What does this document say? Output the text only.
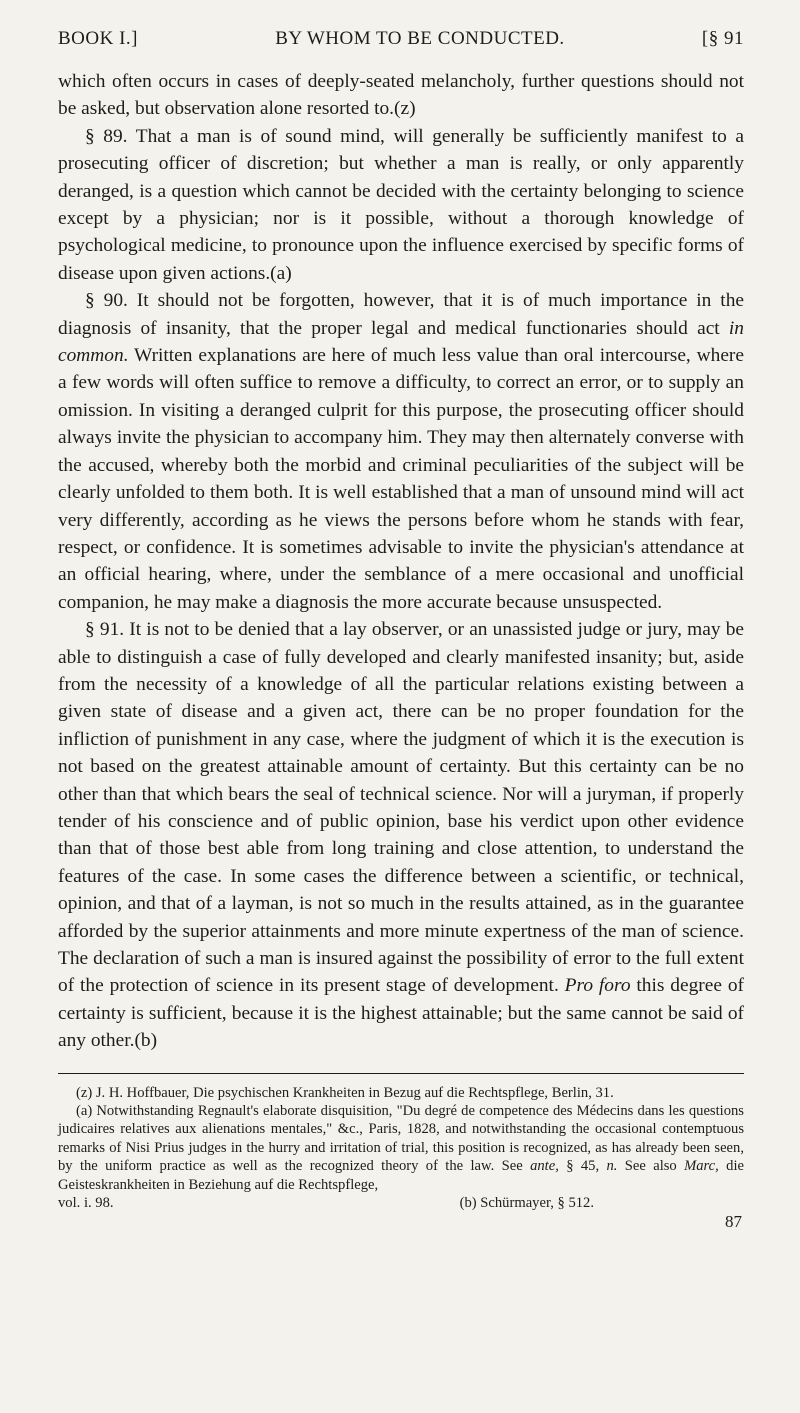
BOOK I.]	BY WHOM TO BE CONDUCTED.	[§ 91

which often occurs in cases of deeply-seated melancholy, further questions should not be asked, but observation alone resorted to.(z)

§ 89. That a man is of sound mind, will generally be sufficiently manifest to a prosecuting officer of discretion; but whether a man is really, or only apparently deranged, is a question which cannot be decided with the certainty belonging to science except by a physician; nor is it possible, without a thorough knowledge of psychological medicine, to pronounce upon the influence exercised by specific forms of disease upon given actions.(a)

§ 90. It should not be forgotten, however, that it is of much importance in the diagnosis of insanity, that the proper legal and medical functionaries should act in common. Written explanations are here of much less value than oral intercourse, where a few words will often suffice to remove a difficulty, to correct an error, or to supply an omission. In visiting a deranged culprit for this purpose, the prosecuting officer should always invite the physician to accompany him. They may then alternately converse with the accused, whereby both the morbid and criminal peculiarities of the subject will be clearly unfolded to them both. It is well established that a man of unsound mind will act very differently, according as he views the persons before whom he stands with fear, respect, or confidence. It is sometimes advisable to invite the physician's attendance at an official hearing, where, under the semblance of a mere occasional and unofficial companion, he may make a diagnosis the more accurate because unsuspected.

§ 91. It is not to be denied that a lay observer, or an unassisted judge or jury, may be able to distinguish a case of fully developed and clearly manifested insanity; but, aside from the necessity of a knowledge of all the particular relations existing between a given state of disease and a given act, there can be no proper foundation for the infliction of punishment in any case, where the judgment of which it is the execution is not based on the greatest attainable amount of certainty. But this certainty can be no other than that which bears the seal of technical science. Nor will a juryman, if properly tender of his conscience and of public opinion, base his verdict upon other evidence than that of those best able from long training and close attention, to understand the features of the case. In some cases the difference between a scientific, or technical, opinion, and that of a layman, is not so much in the results attained, as in the guarantee afforded by the superior attainments and more minute expertness of the man of science. The declaration of such a man is insured against the possibility of error to the full extent of the protection of science in its present stage of development. Pro foro this degree of certainty is sufficient, because it is the highest attainable; but the same cannot be said of any other.(b)

(z) J. H. Hoffbauer, Die psychischen Krankheiten in Bezug auf die Rechtspflege, Berlin, 31.

(a) Notwithstanding Regnault's elaborate disquisition, "Du degré de competence des Médecins dans les questions judicaires relatives aux alienations mentales," &c., Paris, 1828, and notwithstanding the occasional contemptuous remarks of Nisi Prius judges in the hurry and irritation of trial, this position is recognized, as has already been seen, by the uniform practice as well as the recognized theory of the law. See ante, § 45, n. See also Marc, die Geisteskrankheiten in Beziehung auf die Rechtspflege,

vol. i. 98.	(b) Schürmayer, § 512.

87
